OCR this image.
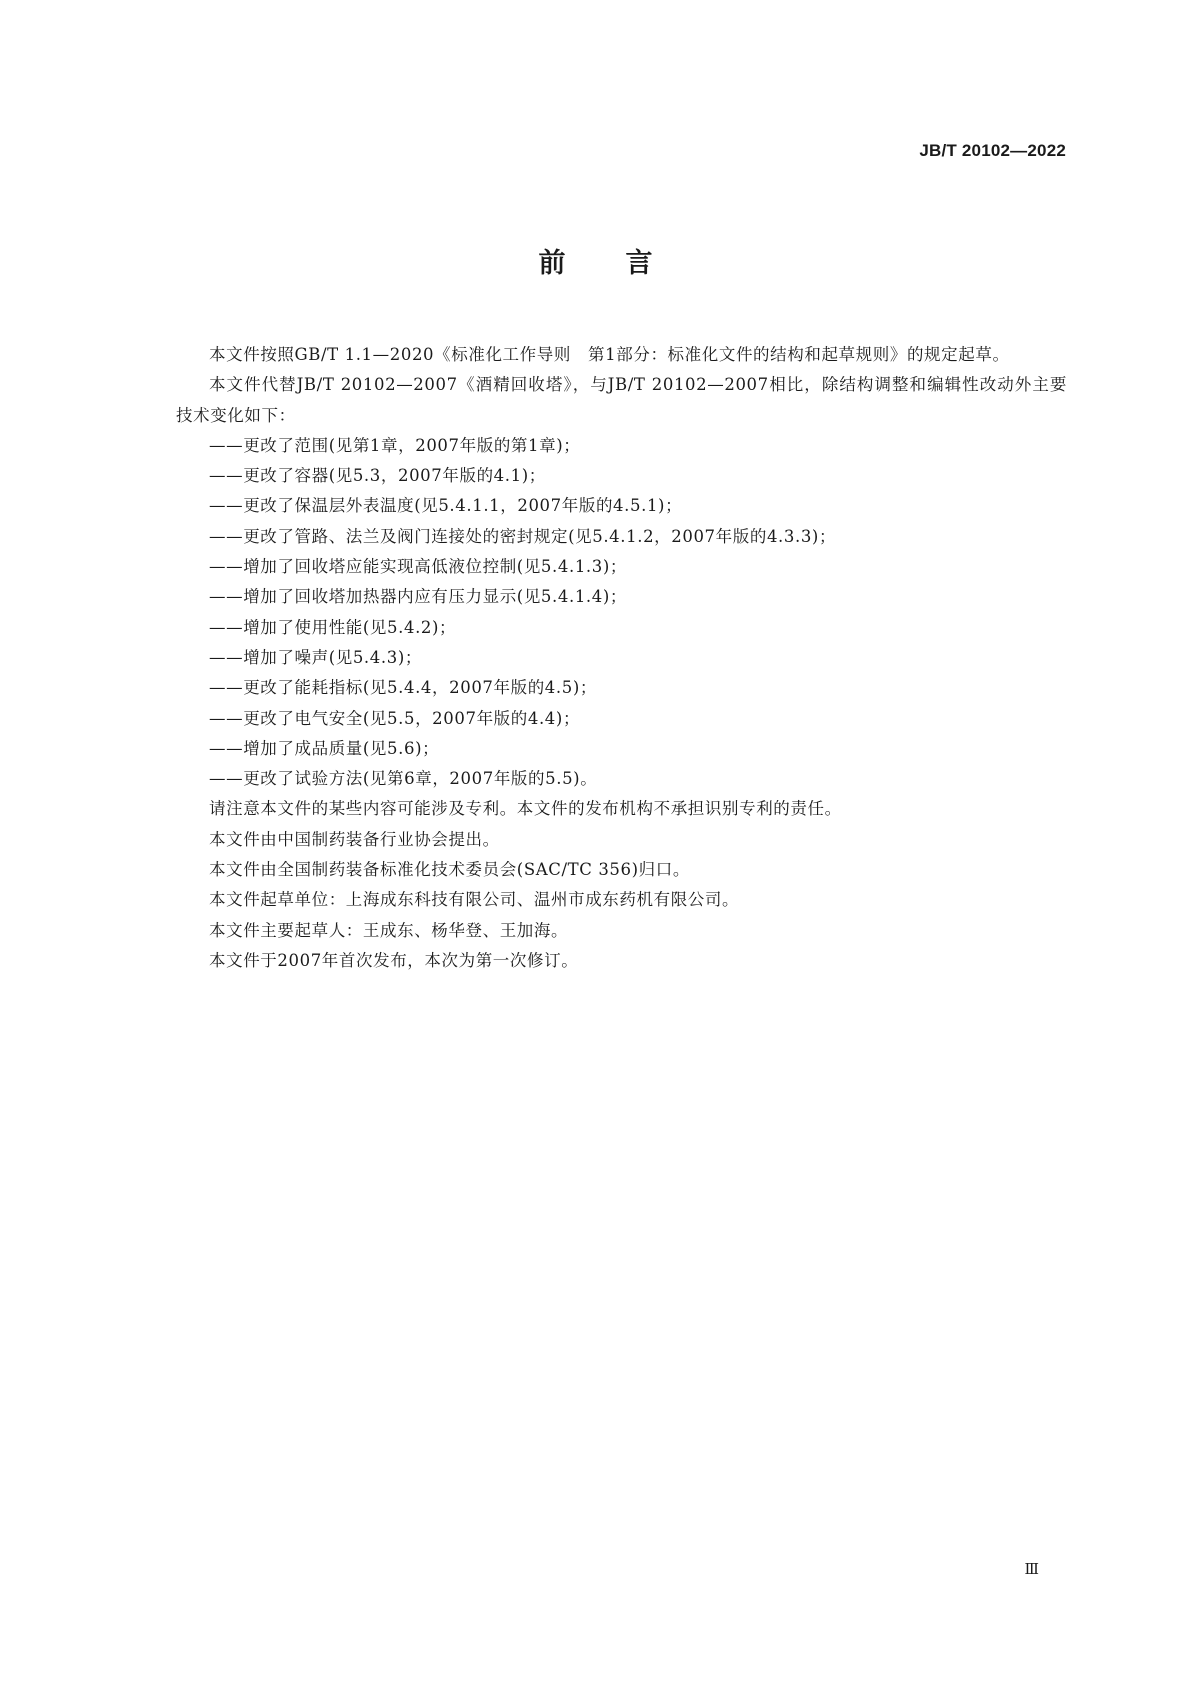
JB/T 20102—2022
前言

本文件按照GB/T 1.1—2020《标准化工作导则　第1部分：标准化文件的结构和起草规则》的规定起草。

本文件代替JB/T 20102—2007《酒精回收塔》，与JB/T 20102—2007相比，除结构调整和编辑性改动外主要技术变化如下：

——更改了范围(见第1章，2007年版的第1章)；

——更改了容器(见5.3，2007年版的4.1)；

——更改了保温层外表温度(见5.4.1.1，2007年版的4.5.1)；

——更改了管路、法兰及阀门连接处的密封规定(见5.4.1.2，2007年版的4.3.3)；

——增加了回收塔应能实现高低液位控制(见5.4.1.3)；

——增加了回收塔加热器内应有压力显示(见5.4.1.4)；

——增加了使用性能(见5.4.2)；

——增加了噪声(见5.4.3)；

——更改了能耗指标(见5.4.4，2007年版的4.5)；

——更改了电气安全(见5.5，2007年版的4.4)；

——增加了成品质量(见5.6)；

——更改了试验方法(见第6章，2007年版的5.5)。

请注意本文件的某些内容可能涉及专利。本文件的发布机构不承担识别专利的责任。

本文件由中国制药装备行业协会提出。

本文件由全国制药装备标准化技术委员会(SAC/TC 356)归口。

本文件起草单位：上海成东科技有限公司、温州市成东药机有限公司。

本文件主要起草人：王成东、杨华登、王加海。

本文件于2007年首次发布，本次为第一次修订。

Ⅲ
